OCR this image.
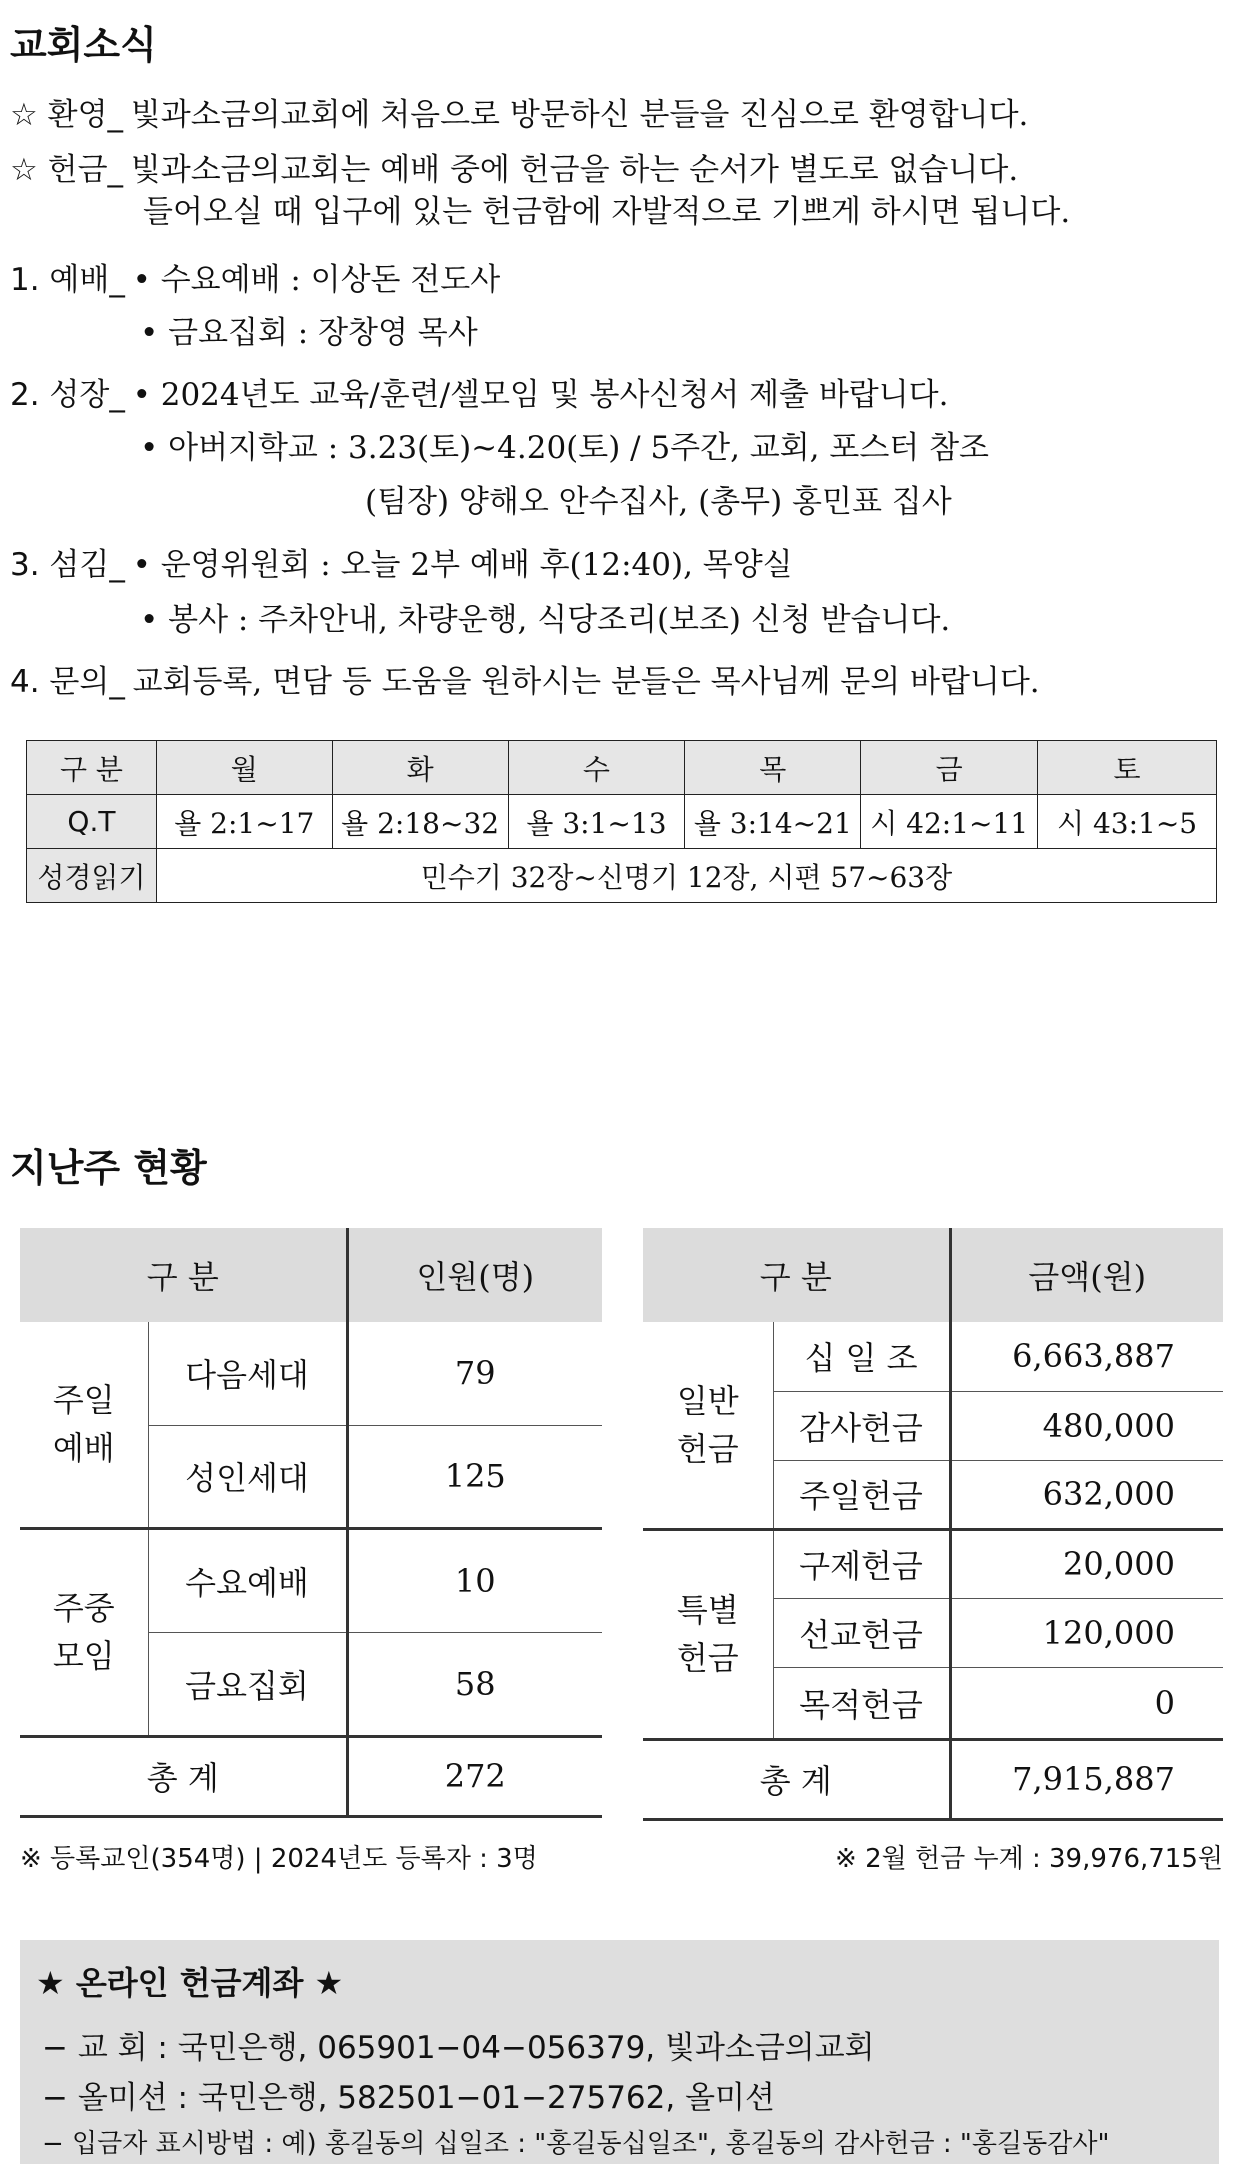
교회소식
☆ 환영_ 빛과소금의교회에 처음으로 방문하신 분들을 진심으로 환영합니다.
☆ 헌금_ 빛과소금의교회는 예배 중에 헌금을 하는 순서가 별도로 없습니다.
들어오실 때 입구에 있는 헌금함에 자발적으로 기쁘게 하시면 됩니다.
1. 예배_ • 수요예배 : 이상돈 전도사
• 금요집회 : 장창영 목사
2. 성장_ • 2024년도 교육/훈련/셀모임 및 봉사신청서 제출 바랍니다.
• 아버지학교 : 3.23(토)~4.20(토) / 5주간, 교회, 포스터 참조
(팀장) 양해오 안수집사, (총무) 홍민표 집사
3. 섬김_ • 운영위원회 : 오늘 2부 예배 후(12:40), 목양실
• 봉사 : 주차안내, 차량운행, 식당조리(보조) 신청 받습니다.
4. 문의_ 교회등록, 면담 등 도움을 원하시는 분들은 목사님께 문의 바랍니다.
구 분	월	화	수	목	금	토
Q.T	욜 2:1~17	욜 2:18~32	욜 3:1~13	욜 3:14~21	시 42:1~11	시 43:1~5
성경읽기	민수기 32장~신명기 12장, 시편 57~63장					
지난주 현황
구 분		인원(명)

주일
예배	다음세대	79
	성인세대	125

주중
모임	수요예배	10
	금요집회	58
총 계		272
구 분		금액(원)

일반
헌금	십 일 조	6,663,887
	감사헌금	480,000
	주일헌금	632,000

특별
헌금	구제헌금	20,000
	선교헌금	120,000
	목적헌금	0
총 계		7,915,887
※ 등록교인(354명) | 2024년도 등록자 : 3명	※ 2월 헌금 누계 : 39,976,715원
★ 온라인 헌금계좌 ★
− 교 회 : 국민은행, 065901−04−056379, 빛과소금의교회
− 올미션 : 국민은행, 582501−01−275762, 올미션
− 입금자 표시방법 : 예) 홍길동의 십일조 : "홍길동십일조", 홍길동의 감사헌금 : "홍길동감사"
